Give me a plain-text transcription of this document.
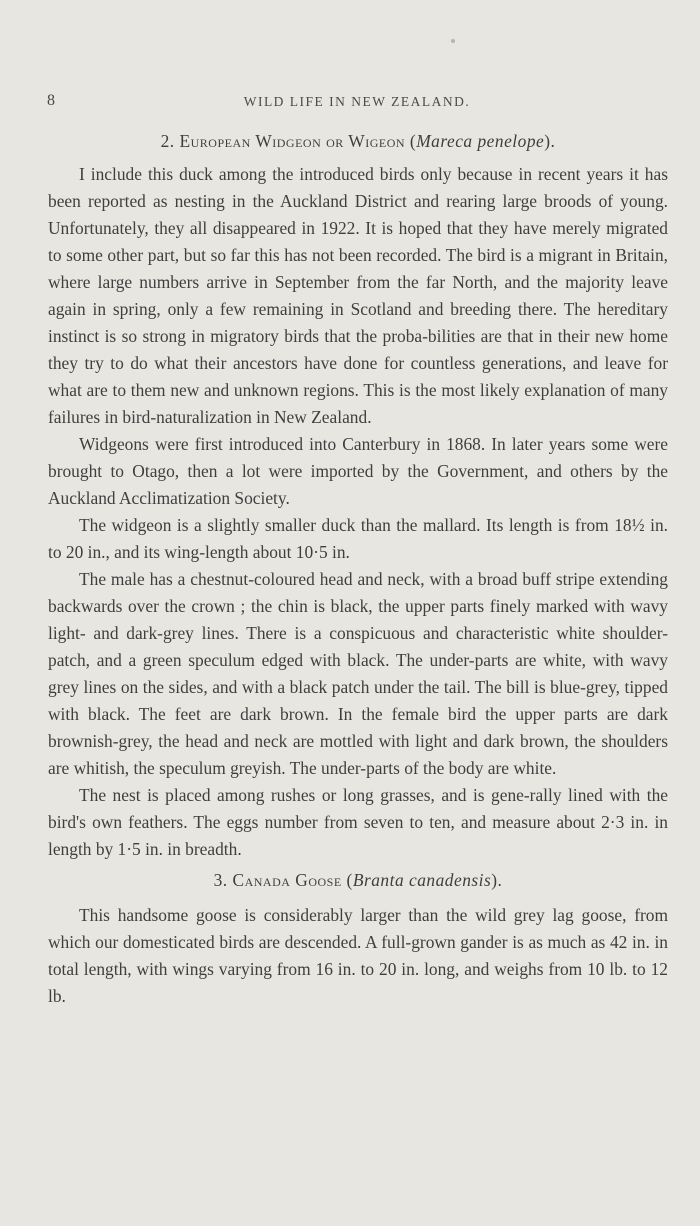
8	WILD LIFE IN NEW ZEALAND.
2. European Widgeon or Wigeon (Mareca penelope).

I include this duck among the introduced birds only because in recent years it has been reported as nesting in the Auckland District and rearing large broods of young. Unfortunately, they all disappeared in 1922. It is hoped that they have merely migrated to some other part, but so far this has not been recorded. The bird is a migrant in Britain, where large numbers arrive in September from the far North, and the majority leave again in spring, only a few remaining in Scotland and breeding there. The hereditary instinct is so strong in migratory birds that the proba-bilities are that in their new home they try to do what their ancestors have done for countless generations, and leave for what are to them new and unknown regions. This is the most likely explanation of many failures in bird-naturalization in New Zealand.

Widgeons were first introduced into Canterbury in 1868. In later years some were brought to Otago, then a lot were imported by the Government, and others by the Auckland Acclimatization Society.

The widgeon is a slightly smaller duck than the mallard. Its length is from 18½ in. to 20 in., and its wing-length about 10·5 in.

The male has a chestnut-coloured head and neck, with a broad buff stripe extending backwards over the crown ; the chin is black, the upper parts finely marked with wavy light- and dark-grey lines. There is a conspicuous and characteristic white shoulder-patch, and a green speculum edged with black. The under-parts are white, with wavy grey lines on the sides, and with a black patch under the tail. The bill is blue-grey, tipped with black. The feet are dark brown. In the female bird the upper parts are dark brownish-grey, the head and neck are mottled with light and dark brown, the shoulders are whitish, the speculum greyish. The under-parts of the body are white.

The nest is placed among rushes or long grasses, and is gene-rally lined with the bird's own feathers. The eggs number from seven to ten, and measure about 2·3 in. in length by 1·5 in. in breadth.

3. Canada Goose (Branta canadensis).

This handsome goose is considerably larger than the wild grey lag goose, from which our domesticated birds are descended. A full-grown gander is as much as 42 in. in total length, with wings varying from 16 in. to 20 in. long, and weighs from 10 lb. to 12 lb.
